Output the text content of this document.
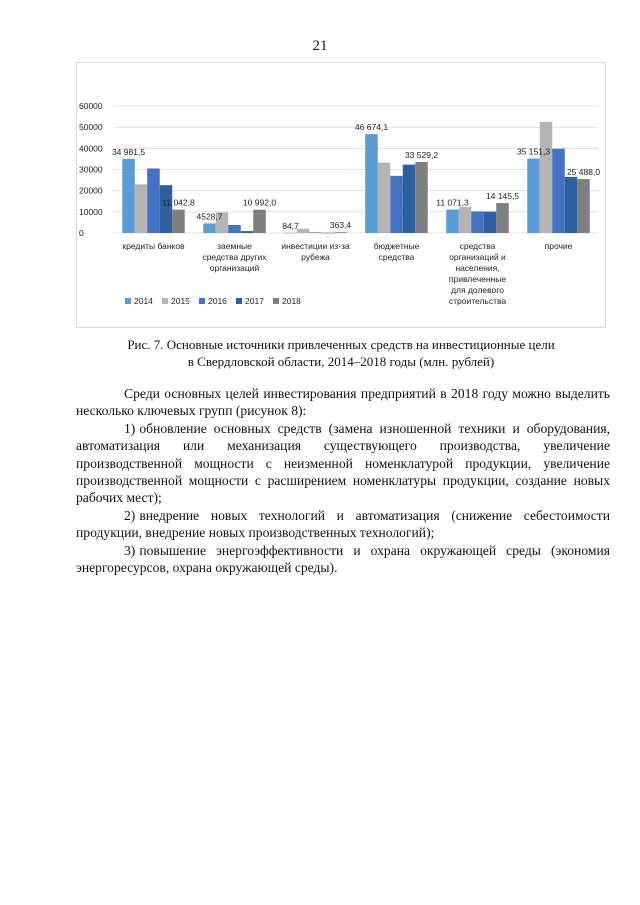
21
0
10000
20000
30000
40000
50000
60000
34 981,5
11 042,8
4528,7
10 992,0
84,7	363,4
46 674,1
33 529,2
11 071,3
14 145,5
35 151,3
25 488,0
кредиты банков	заемные
средства других
организаций
инвестиции из-за
рубежа
бюджетные
средства
средства
организаций и
населения,
привлеченные
для долевого
строительства
прочие
2014 2015 2016 2017 2018
Рис. 7. Основные источники привлеченных средств на инвестиционные цели
в Свердловской области, 2014–2018 годы (млн. рублей)

Среди основных целей инвестирования предприятий в 2018 году можно выделить несколько ключевых групп (рисунок 8):

1) обновление основных средств (замена изношенной техники и оборудования, автоматизация или механизация существующего производства, увеличение производственной мощности с неизменной номенклатурой продукции, увеличение производственной мощности с расширением номенклатуры продукции, создание новых рабочих мест);

2) внедрение новых технологий и автоматизация (снижение себестоимости продукции, внедрение новых производственных технологий);

3) повышение энергоэффективности и охрана окружающей среды (экономия энергоресурсов, охрана окружающей среды).
